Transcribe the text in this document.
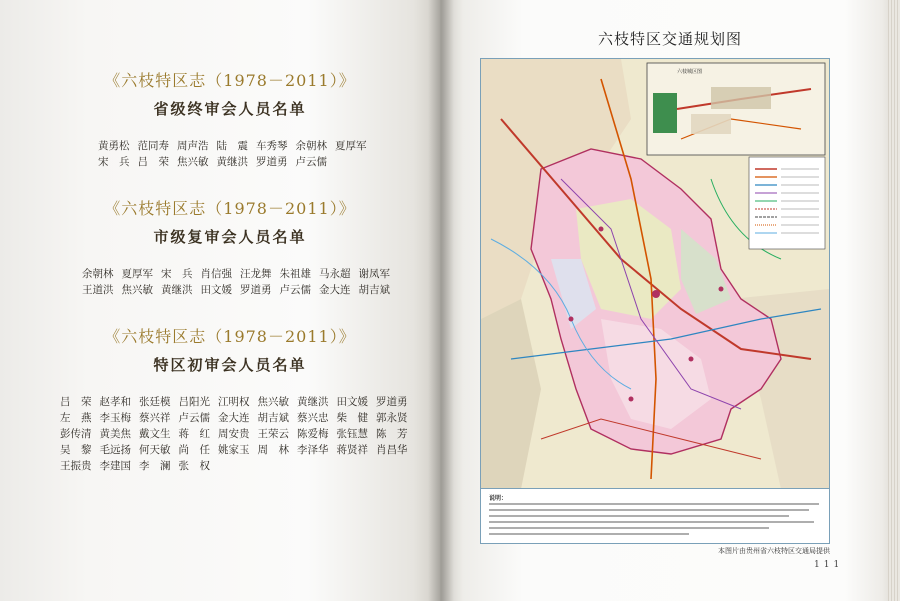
《六枝特区志（1978－2011）》
省级终审会人员名单
黄勇松 范同寿 周声浩 陆　震 车秀琴 余朝林 夏厚军
宋　兵 吕　荣 焦兴敏 黄继洪 罗道勇 卢云儒
《六枝特区志（1978－2011）》
市级复审会人员名单
余朝林 夏厚军 宋　兵 肖信强 汪龙舞 朱祖雄 马永超 谢凤军
王道洪 焦兴敏 黄继洪 田文媛 罗道勇 卢云儒 金大连 胡吉斌
《六枝特区志（1978－2011）》
特区初审会人员名单
吕　荣 赵孝和 张廷模 吕阳光 江明权 焦兴敏 黄继洪 田文媛 罗道勇
左　燕 李玉梅 蔡兴祥 卢云儒 金大连 胡吉斌 蔡兴忠 柴　健 郭永贤
彭传清 黄美焦 戴文生 蒋　红 周安贵 王荣云 陈爱梅 张钰慧 陈　芳
吴　黎 毛远扬 何天敏 尚　任 姚家玉 周　林 李泽华 蒋贤祥 肖昌华
王振贵 李建国 李　澜 张　权
六枝特区交通规划图
六枝城区图
说明：
本图片由贵州省六枝特区交通局提供
111
